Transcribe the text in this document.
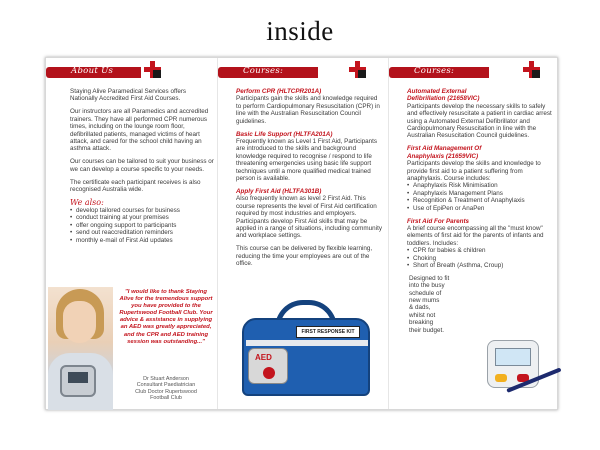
inside
About Us

Staying Alive Paramedical Services offers Nationally Accredited First Aid Courses.

Our instructors are all Paramedics and accredited trainers. They have all performed CPR numerous times, including on the lounge room floor, defibrillated patients, managed victims of heart attack, and cared for the school child having an asthma attack.

Our courses can be tailored to suit your business or we can develop a course specific to your needs.

The certificate each participant receives is also recognised Australia wide.

We also:
• develop tailored courses for business
• conduct training at your premises
• offer ongoing support to participants
• send out reaccreditation reminders
• monthly e-mail of First Aid updates
"I would like to thank Staying Alive for the tremendous support you have provided to the Rupertswood Football Club. Your advice & assistance in supplying an AED was greatly appreciated, and the CPR and AED training session was outstanding..."
Dr Stuart Anderson
Consultant Paediatrician
Club Doctor Rupertswood
Football Club
Courses:
Perform CPR (HLTCPR201A)

Participants gain the skills and knowledge required to perform Cardiopulmonary Resuscitation (CPR) in line with the Australian Resuscitation Council guidelines.

Basic Life Support (HLTFA201A)

Frequently known as Level 1 First Aid, Participants are introduced to the skills and background knowledge required to recognise / respond to life threatening emergencies using basic life support techniques until a more qualified medical trained person is available.

Apply First Aid (HLTFA301B)

Also frequently known as level 2 First Aid. This course represents the level of First Aid certification required by most industries and employers. Participants develop First Aid skills that may be applied in a range of situations, including community and workplace settings.

This course can be delivered by flexible learning, reducing the time your employees are out of the office.

FIRST RESPONSE KIT
AED
Courses:
Automated External
Defibrillation (21658VIC)

Participants develop the necessary skills to safely and effectively resuscitate a patient in cardiac arrest using a Automated External Defibrillator and Cardiopulmonary Resuscitation in line with the Australian Resuscitation Council guidelines.

First Aid Management Of
Anaphylaxis (21659VIC)

Participants develop the skills and knowledge to provide first aid to a patient suffering from anaphylaxis. Course includes:

• Anaphylaxis Risk Minimisation
• Anaphylaxis Management Plans
• Recognition & Treatment of Anaphylaxis
• Use of EpiPen or AnaPen
First Aid For Parents

A brief course encompassing all the "must know" elements of first aid for the parents of infants and toddlers. Includes:

• CPR for babies & children
• Choking
• Short of Breath (Asthma, Croup)
Designed to fit
into the busy
schedule of
new mums
& dads,
whilst not
breaking
their budget.
